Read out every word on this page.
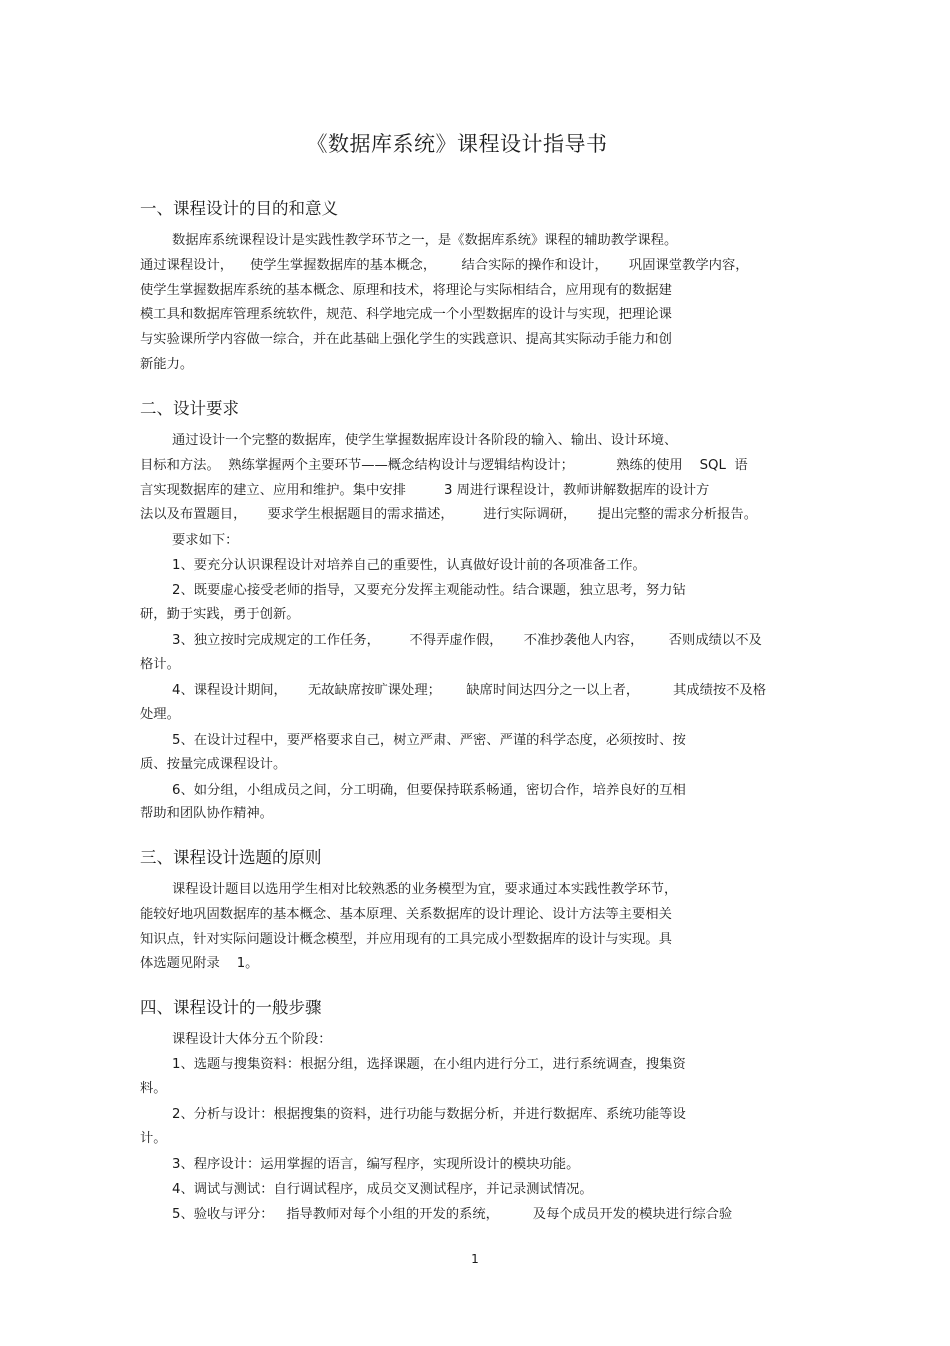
《数据库系统》课程设计指导书
一、课程设计的目的和意义
数据库系统课程设计是实践性教学环节之一，是《数据库系统》课程的辅助教学课程。
通过课程设计，    使学生掌握数据库的基本概念，      结合实际的操作和设计，     巩固课堂教学内容，
使学生掌握数据库系统的基本概念、原理和技术，将理论与实际相结合，应用现有的数据建
模工具和数据库管理系统软件，规范、科学地完成一个小型数据库的设计与实现，把理论课
与实验课所学内容做一综合，并在此基础上强化学生的实践意识、提高其实际动手能力和创
新能力。
二、设计要求
通过设计一个完整的数据库，使学生掌握数据库设计各阶段的输入、输出、设计环境、
目标和方法。  熟练掌握两个主要环节——概念结构设计与逻辑结构设计；          熟练的使用    SQL  语
言实现数据库的建立、应用和维护。集中安排         3 周进行课程设计，教师讲解数据库的设计方
法以及布置题目，     要求学生根据题目的需求描述，       进行实际调研，     提出完整的需求分析报告。
要求如下：
1、要充分认识课程设计对培养自己的重要性，认真做好设计前的各项准备工作。
2、既要虚心接受老师的指导，又要充分发挥主观能动性。结合课题，独立思考，努力钻
研，勤于实践，勇于创新。
3、独立按时完成规定的工作任务，       不得弄虚作假，     不准抄袭他人内容，      否则成绩以不及
格计。
4、课程设计期间，     无故缺席按旷课处理；      缺席时间达四分之一以上者，        其成绩按不及格
处理。
5、在设计过程中，要严格要求自己，树立严肃、严密、严谨的科学态度，必须按时、按
质、按量完成课程设计。
6、如分组，小组成员之间，分工明确，但要保持联系畅通，密切合作，培养良好的互相
帮助和团队协作精神。
三、课程设计选题的原则
课程设计题目以选用学生相对比较熟悉的业务模型为宜，要求通过本实践性教学环节，
能较好地巩固数据库的基本概念、基本原理、关系数据库的设计理论、设计方法等主要相关
知识点，针对实际问题设计概念模型，并应用现有的工具完成小型数据库的设计与实现。具
体选题见附录    1。
四、课程设计的一般步骤
课程设计大体分五个阶段：
1、选题与搜集资料：根据分组，选择课题，在小组内进行分工，进行系统调查，搜集资
料。
2、分析与设计：根据搜集的资料，进行功能与数据分析，并进行数据库、系统功能等设
计。
3、程序设计：运用掌握的语言，编写程序，实现所设计的模块功能。
4、调试与测试：自行调试程序，成员交叉测试程序，并记录测试情况。
5、验收与评分：   指导教师对每个小组的开发的系统，        及每个成员开发的模块进行综合验
1
